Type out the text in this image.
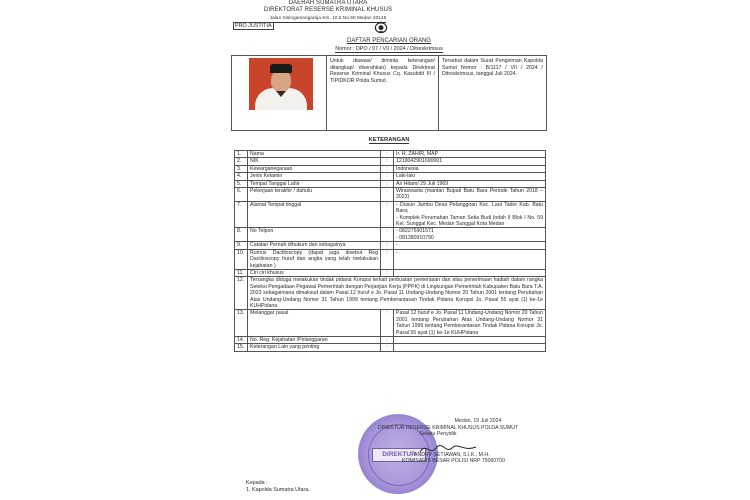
DAERAH SUMATRA UTARA
DIREKTORAT RESERSE KRIMINAL KHUSUS
Jalan Sisingamangaraja Km. 10.5 No.60 Medan 20148
PRO JUSTITIA
DAFTAR PENCARIAN ORANG
Nomor : DPO / 07 / VII / 2024 / Ditreskrimsus
Untuk diawasi/ diminta keterangan/ ditangkap/ diserahkan) kepada Direktorat Reserse Kriminal Khusus Cq. Kasubdit III / TIPIDKOR Polda Sumut.
Tersebut dalam Surat Pengiriman Kapolda Sumut Nomor : B/1117 / VII / 2024 / Ditreskrimsus, tanggal Juli 2024.
KETERANGAN
1.	Nama	:	Ir. H. ZAHIR, MAP
2.	NIK	:	1219042901690001
3.	Kewarganegaraan	:	Indonesia
4.	Jenis Kelamin	:	Laki-laki
5.	Tempat Tanggal Lahir	:	Air Hitam/ 29 Juli 1969
6.	Pekerjaan terakhir / dahulu	:	Wiraswasta (mantan Bupati Batu Bara Periode Tahun 2018 – 2023)
7.	Alamat Tempat tinggal	:	- Dusun Jambu Desa Pelanggiran Kec. Laut Tador Kab. Batu Bara;
- Komplek Perumahan Taman Setia Budi Indah II Blok I No. 59 Kel. Sunggal Kec. Medan Sunggal Kota Medan

8.	No Telpon	:	- 082275901571
- 081380910790

9.	Catatan Pernah dihukum dan sebagainya	:	-
10.	Rumus Dactiloscopy (dapat juga disebut Reg Dactiloscopy huruf dan angka yang telah melakukan kejahatan )	:	-
11.	Ciri ciri khusus	:	
12.	Tersangka diduga melakukan tindak pidana Korupsi terkait perbuatan pemerasan dan atau penerimaan hadiah dalam rangka Seleksi Pengadaan Pegawai Pemerintah dengan Perjanjian Kerja (PPPK) di Lingkungan Pemerintah Kabupaten Batu Bara T.A. 2023 sebagaimana dimaksud dalam Pasal 12 huruf e Jo. Pasal 11 Undang-Undang Nomor 20 Tahun 2001 tentang Perubahan Atas Undang-Undang Nomor 31 Tahun 1999 tentang Pemberantasan Tindak Pidana Korupsi Jo. Pasal 55 ayat (1) ke-1e KUHPidana		
13.	Melanggar pasal	:	Pasal 12 huruf e Jo. Pasal 11 Undang-Undang Nomor 20 Tahun 2001 tentang Perubahan Atas Undang-Undang Nomor 31 Tahun 1999 tentang Pemberantasan Tindak Pidana Korupsi Jo. Pasal 55 ayat (1) ke-1e KUHPidana
14.	No. Reg. Kejahatan /Pelanggaran	:	
15.	Keterangan Lain yang penting	:	
DIREKTUR
Medan, 19 Juli 2024
DIREKTUR RESERSE KRIMINAL KHUSUS POLDA SUMUT
Selaku Penyidik
ANDRY SETIAWAN, S.I.K., M.H.
KOMISARIS BESAR POLISI NRP 75060700
Kepada :
1. Kapolda Sumatra Utara.
